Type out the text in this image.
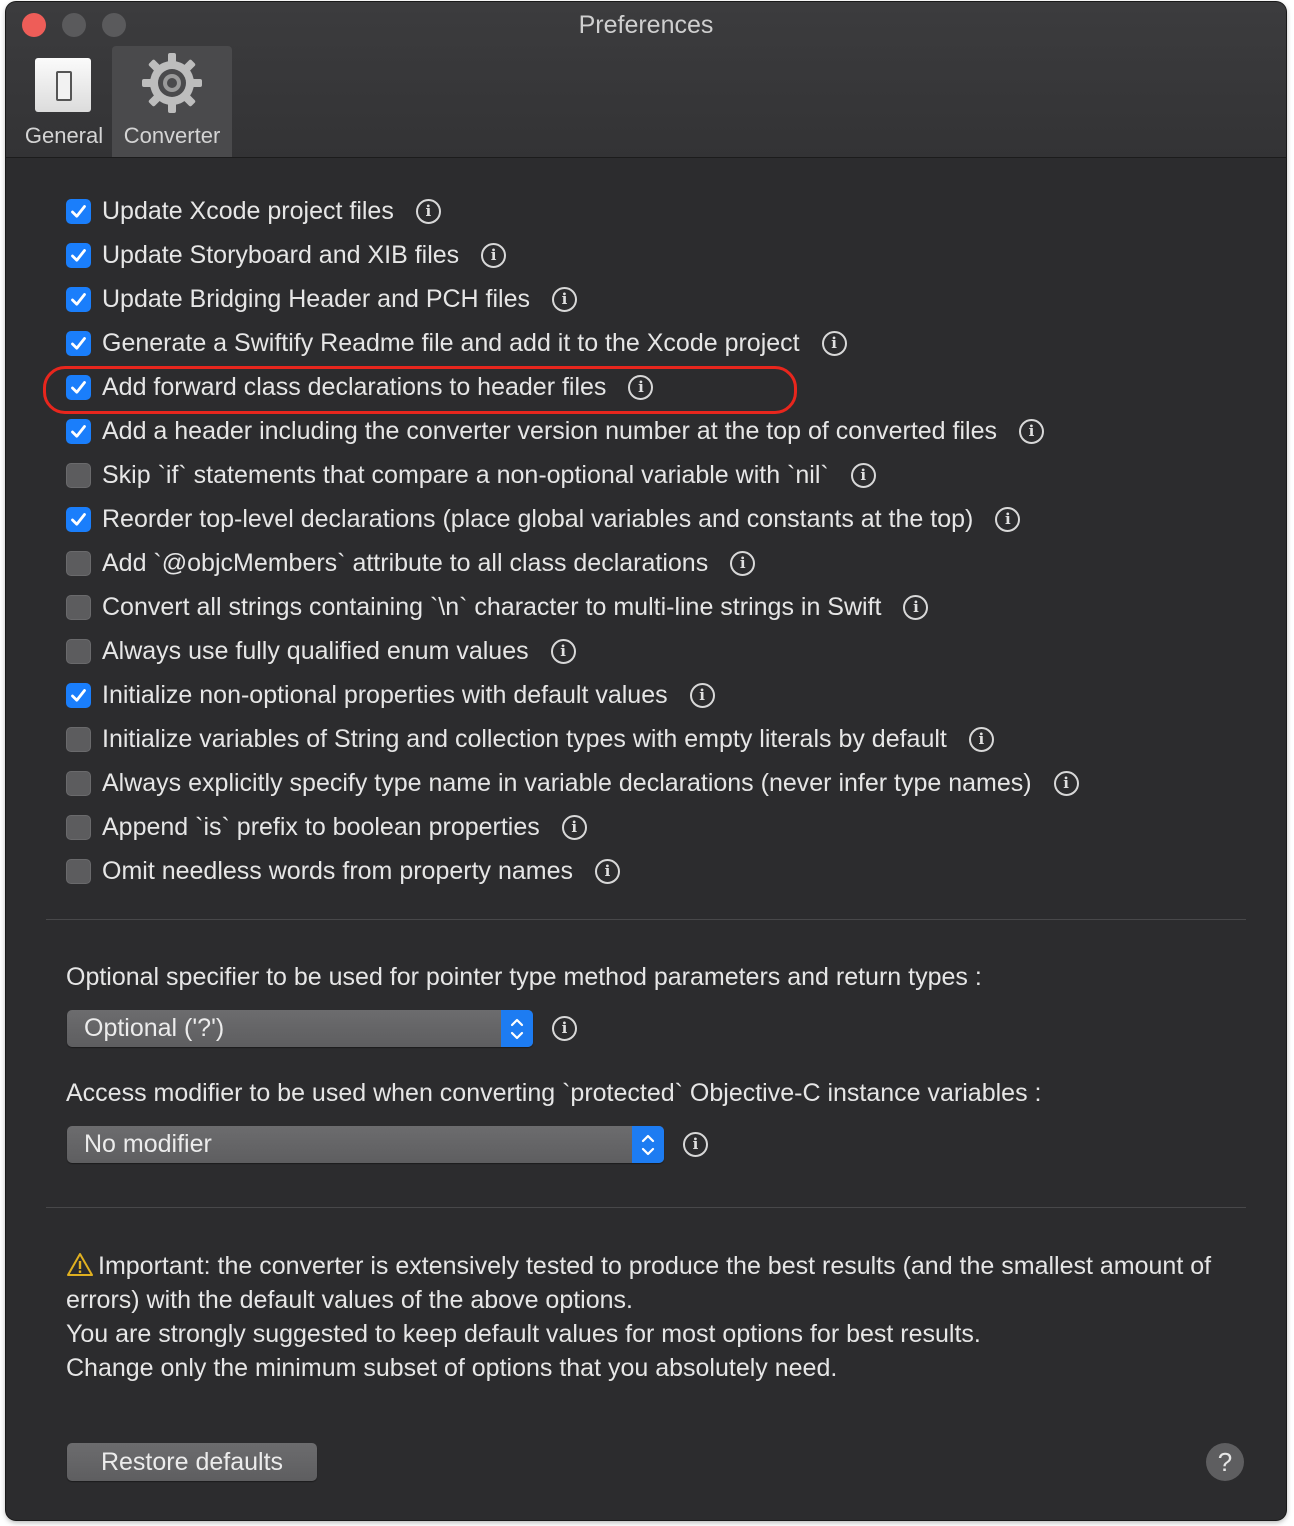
Preferences
General Converter
Update Xcode project files	i
Update Storyboard and XIB files	i
Update Bridging Header and PCH files	i
Generate a Swiftify Readme file and add it to the Xcode project	i
Add forward class declarations to header files	i
Add a header including the converter version number at the top of converted files	i
Skip `if` statements that compare a non-optional variable with `nil`	i
Reorder top-level declarations (place global variables and constants at the top)	i
Add `@objcMembers` attribute to all class declarations	i
Convert all strings containing `\n` character to multi-line strings in Swift	i
Always use fully qualified enum values	i
Initialize non-optional properties with default values	i
Initialize variables of String and collection types with empty literals by default	i
Always explicitly specify type name in variable declarations (never infer type names)	i
Append `is` prefix to boolean properties	i
Omit needless words from property names	i
Optional specifier to be used for pointer type method parameters and return types :
Optional ('?')	i
Access modifier to be used when converting `protected` Objective-C instance variables :
No modifier	i

Important: the converter is extensively tested to produce the best results (and the smallest amount of errors) with the default values of the above options.

You are strongly suggested to keep default values for most options for best results.

Change only the minimum subset of options that you absolutely need.

Restore defaults	?
